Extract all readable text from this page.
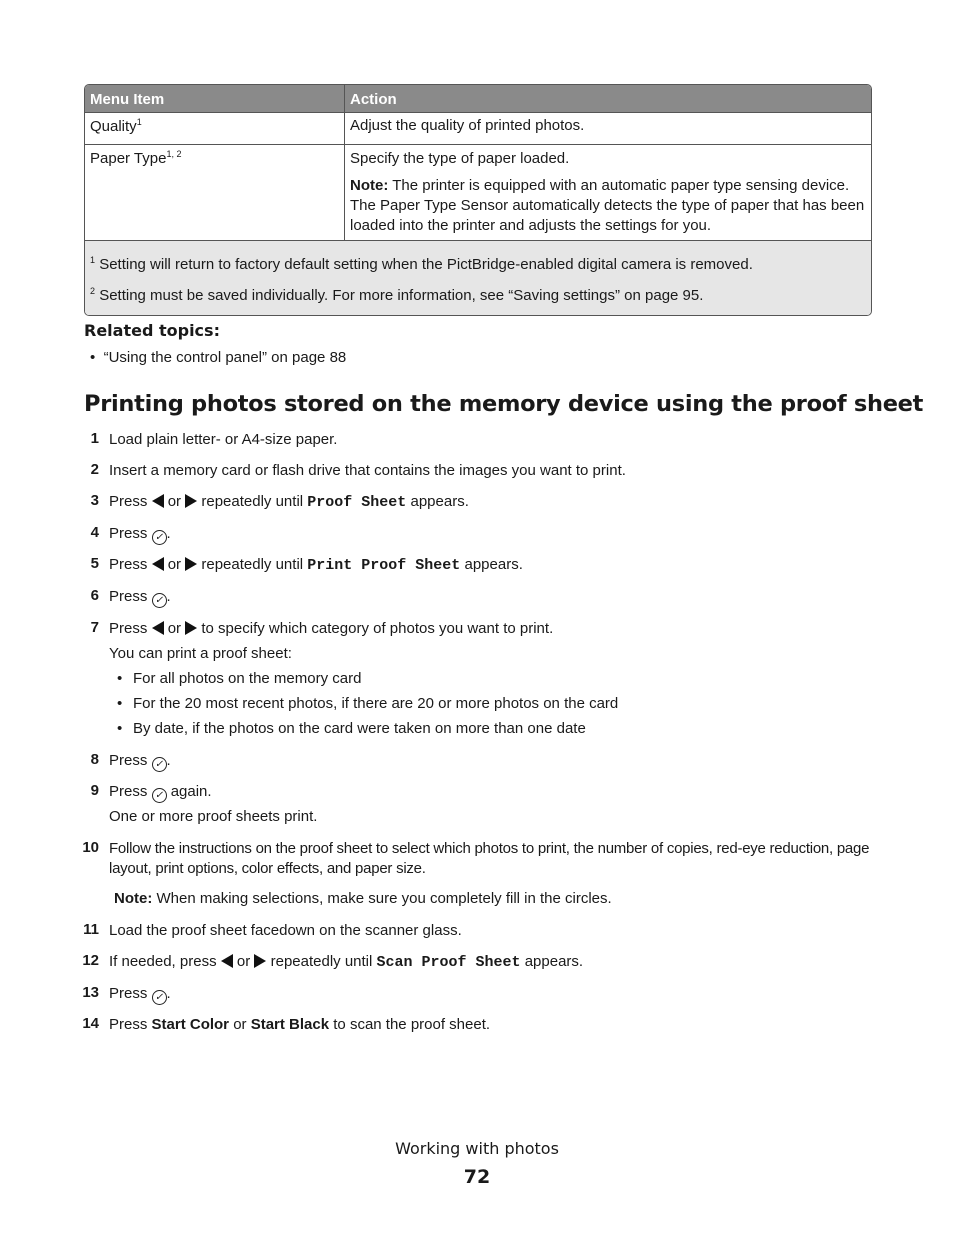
Menu Item	Action
Quality$^1$	Adjust the quality of printed photos.
Paper Type$^{1, 2}$	Specify the type of paper loaded.
Note: The printer is equipped with an automatic paper type sensing device. The Paper Type Sensor automatically detects the type of paper that has been loaded into the printer and adjusts the settings for you.
$^1$ Setting will return to factory default setting when the PictBridge-enabled digital camera is removed.
$^2$ Setting must be saved individually. For more information, see “Saving settings” on page 95.
Related topics:
•  “Using the control panel” on page 88
Printing photos stored on the memory device using the proof sheet
1 Load plain letter- or A4-size paper.
2 Insert a memory card or flash drive that contains the images you want to print.
3 Press or repeatedly until Proof Sheet appears.
4 Press ✓ .
5 Press or repeatedly until Print Proof Sheet appears.
6 Press ✓ .
7 Press or to specify which category of photos you want to print.
You can print a proof sheet:
• For all photos on the memory card
• For the 20 most recent photos, if there are 20 or more photos on the card
• By date, if the photos on the card were taken on more than one date
8 Press ✓ .
9 Press ✓ again.
One or more proof sheets print.
10 Follow the instructions on the proof sheet to select which photos to print, the number of copies, red-eye reduction, page layout, print options, color effects, and paper size.
Note: When making selections, make sure you completely fill in the circles.
11 Load the proof sheet facedown on the scanner glass.
12 If needed, press or repeatedly until Scan Proof Sheet appears.
13 Press ✓ .
14 Press Start Color or Start Black to scan the proof sheet.
Working with photos
72
